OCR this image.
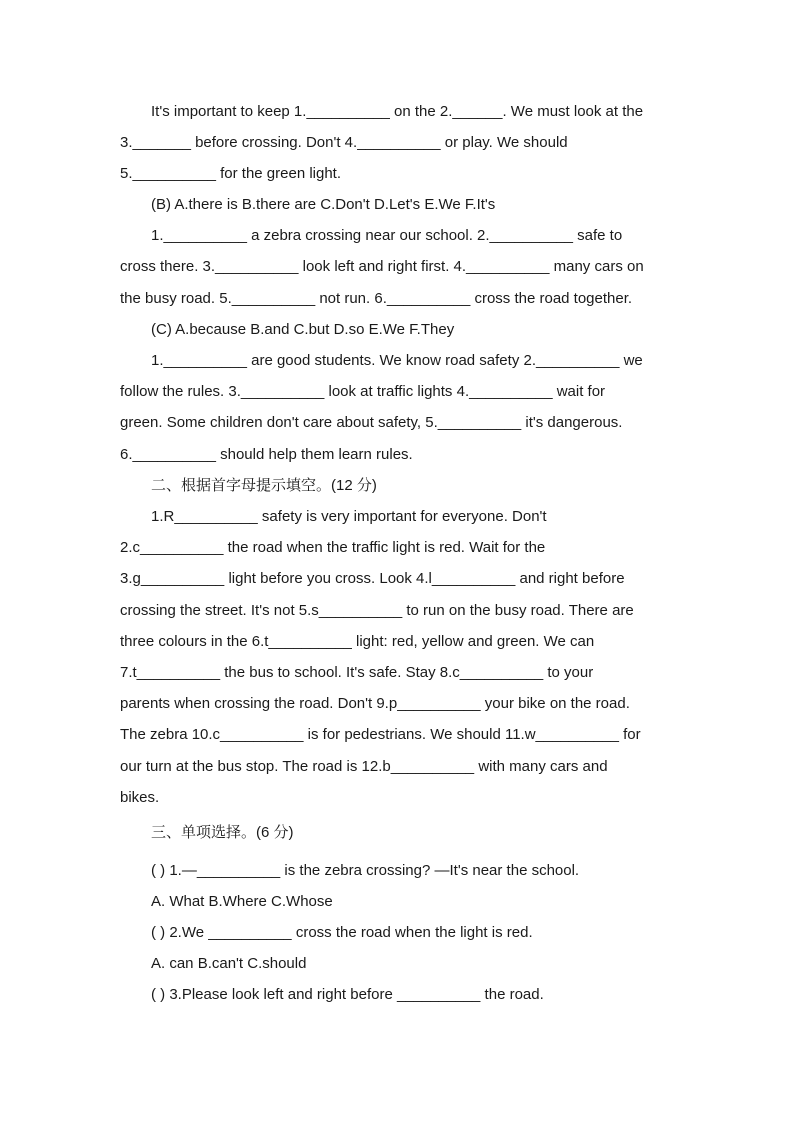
It's important to keep 1.__________ on the 2.______. We must look at the
3._______ before crossing. Don't 4.__________ or play. We should
5.__________ for the green light.
(B) A.there is B.there are C.Don't D.Let's E.We F.It's
1.__________ a zebra crossing near our school. 2.__________ safe to
cross there. 3.__________ look left and right first. 4.__________ many cars on
the busy road. 5.__________ not run. 6.__________ cross the road together.
(C) A.because B.and C.but D.so E.We F.They
1.__________ are good students. We know road safety 2.__________ we
follow the rules. 3.__________ look at traffic lights 4.__________ wait for
green. Some children don't care about safety, 5.__________ it's dangerous.
6.__________ should help them learn rules.
二、根据首字母提示填空。(12 分)
1.R__________ safety is very important for everyone. Don't
2.c__________ the road when the traffic light is red. Wait for the
3.g__________ light before you cross. Look 4.l__________ and right before
crossing the street. It's not 5.s__________ to run on the busy road. There are
three colours in the 6.t__________ light: red, yellow and green. We can
7.t__________ the bus to school. It's safe. Stay 8.c__________ to your
parents when crossing the road. Don't 9.p__________ your bike on the road.
The zebra 10.c__________ is for pedestrians. We should 11.w__________ for
our turn at the bus stop. The road is 12.b__________ with many cars and
bikes.
三、单项选择。(6 分)
( ) 1.—__________ is the zebra crossing? —It's near the school.
A. What B.Where C.Whose
( ) 2.We __________ cross the road when the light is red.
A. can B.can't C.should
( ) 3.Please look left and right before __________ the road.
